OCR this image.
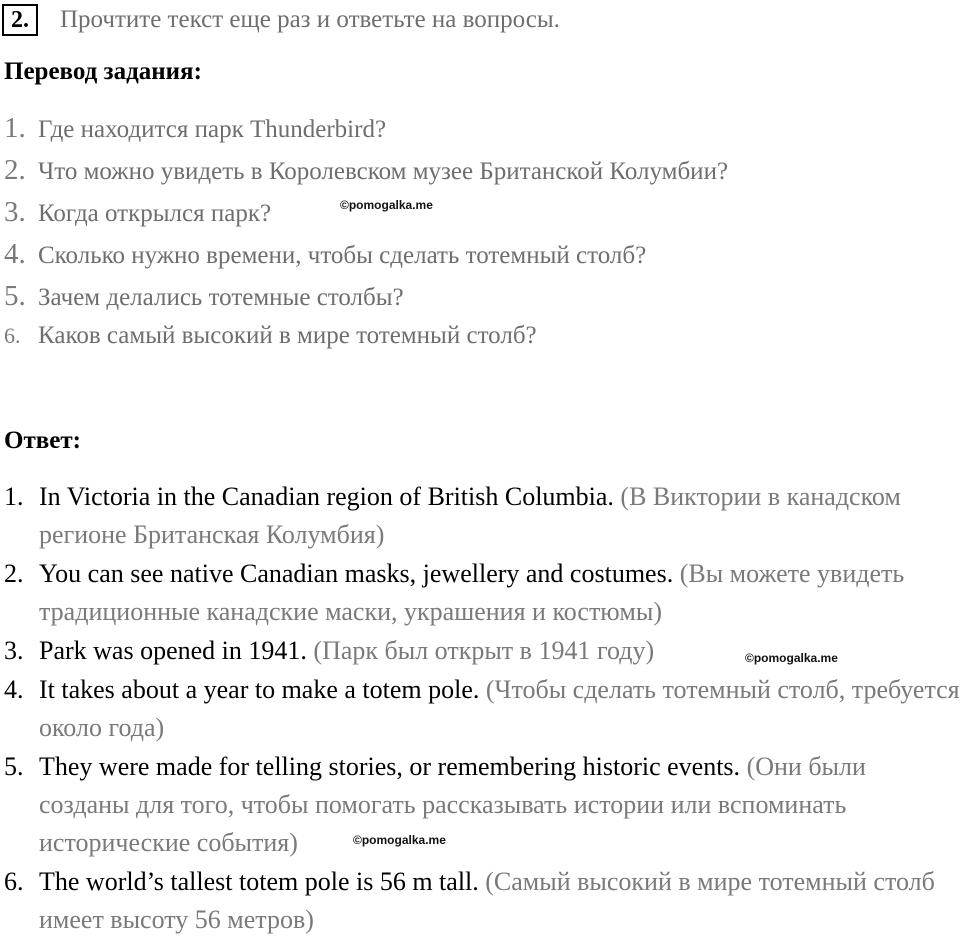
2.	Прочтите текст еще раз и ответьте на вопросы.
Перевод задания:
1. Где находится парк Thunderbird?
2. Что можно увидеть в Королевском музее Британской Колумбии?
3. Когда открылся парк?
4. Сколько нужно времени, чтобы сделать тотемный столб?
5. Зачем делались тотемные столбы?
6. Каков самый высокий в мире тотемный столб?
©pomogalka.me
©pomogalka.me
©pomogalka.me
Ответ:
1. In Victoria in the Canadian region of British Columbia. (В Виктории в канадском регионе Британская Колумбия)
2. You can see native Canadian masks, jewellery and costumes. (Вы можете увидеть традиционные канадские маски, украшения и костюмы)
3. Park was opened in 1941. (Парк был открыт в 1941 году)
4. It takes about a year to make a totem pole. (Чтобы сделать тотемный столб, требуется около года)
5. They were made for telling stories, or remembering historic events. (Они были созданы для того, чтобы помогать рассказывать истории или вспоминать исторические события)
6. The world’s tallest totem pole is 56 m tall. (Самый высокий в мире тотемный столб имеет высоту 56 метров)
